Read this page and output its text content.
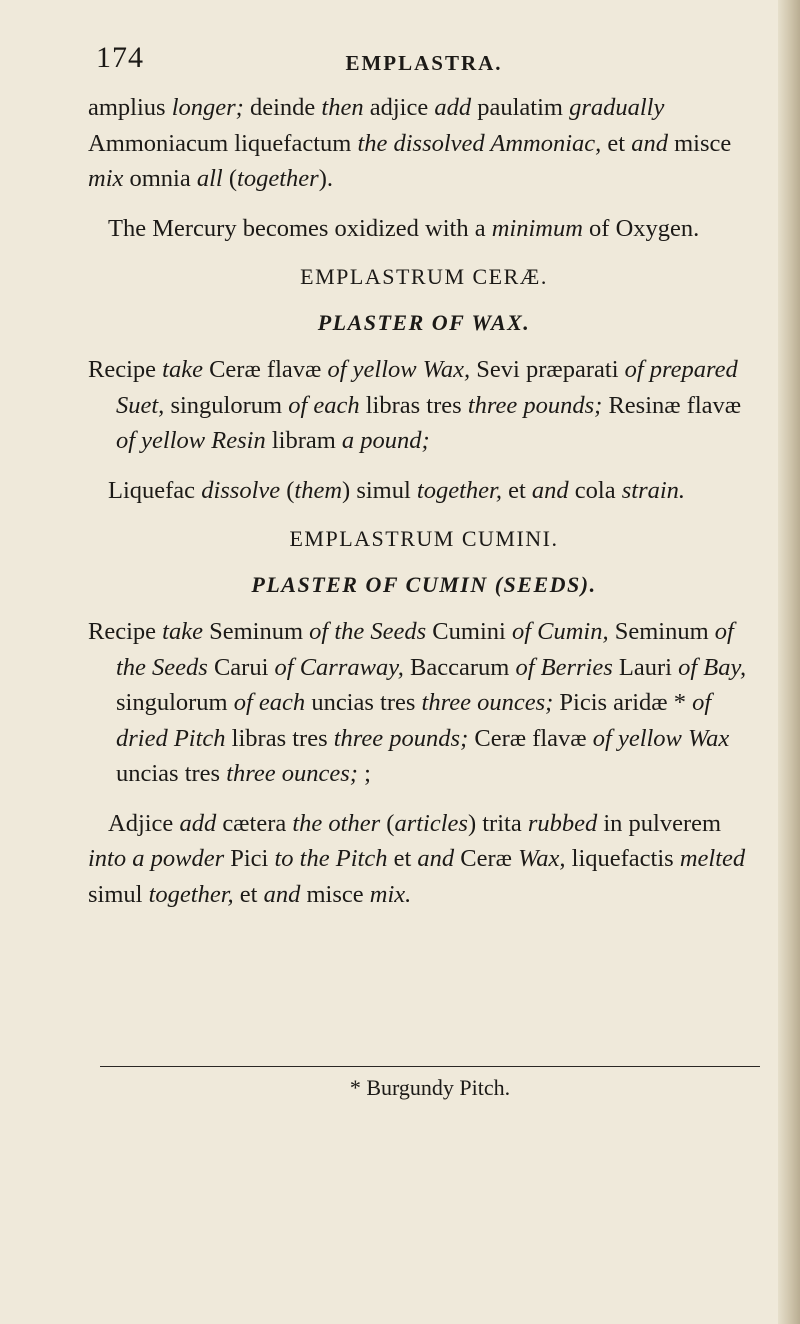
174	EMPLASTRA.

amplius longer; deinde then adjice add paulatim gradually Ammoniacum liquefactum the dissolved Ammoniac, et and misce mix omnia all (together).

The Mercury becomes oxidized with a minimum of Oxygen.

EMPLASTRUM CERÆ.
PLASTER OF WAX.

Recipe take Ceræ flavæ of yellow Wax, Sevi præparati of prepared Suet, singulorum of each libras tres three pounds; Resinæ flavæ of yellow Resin libram a pound;

Liquefac dissolve (them) simul together, et and cola strain.

EMPLASTRUM CUMINI.
PLASTER OF CUMIN (SEEDS).

Recipe take Seminum of the Seeds Cumini of Cumin, Seminum of the Seeds Carui of Carraway, Baccarum of Berries Lauri of Bay, singulorum of each uncias tres three ounces; Picis aridæ * of dried Pitch libras tres three pounds; Ceræ flavæ of yellow Wax uncias tres three ounces; ;

Adjice add cætera the other (articles) trita rubbed in pulverem into a powder Pici to the Pitch et and Ceræ Wax, liquefactis melted simul together, et and misce mix.

* Burgundy Pitch.
